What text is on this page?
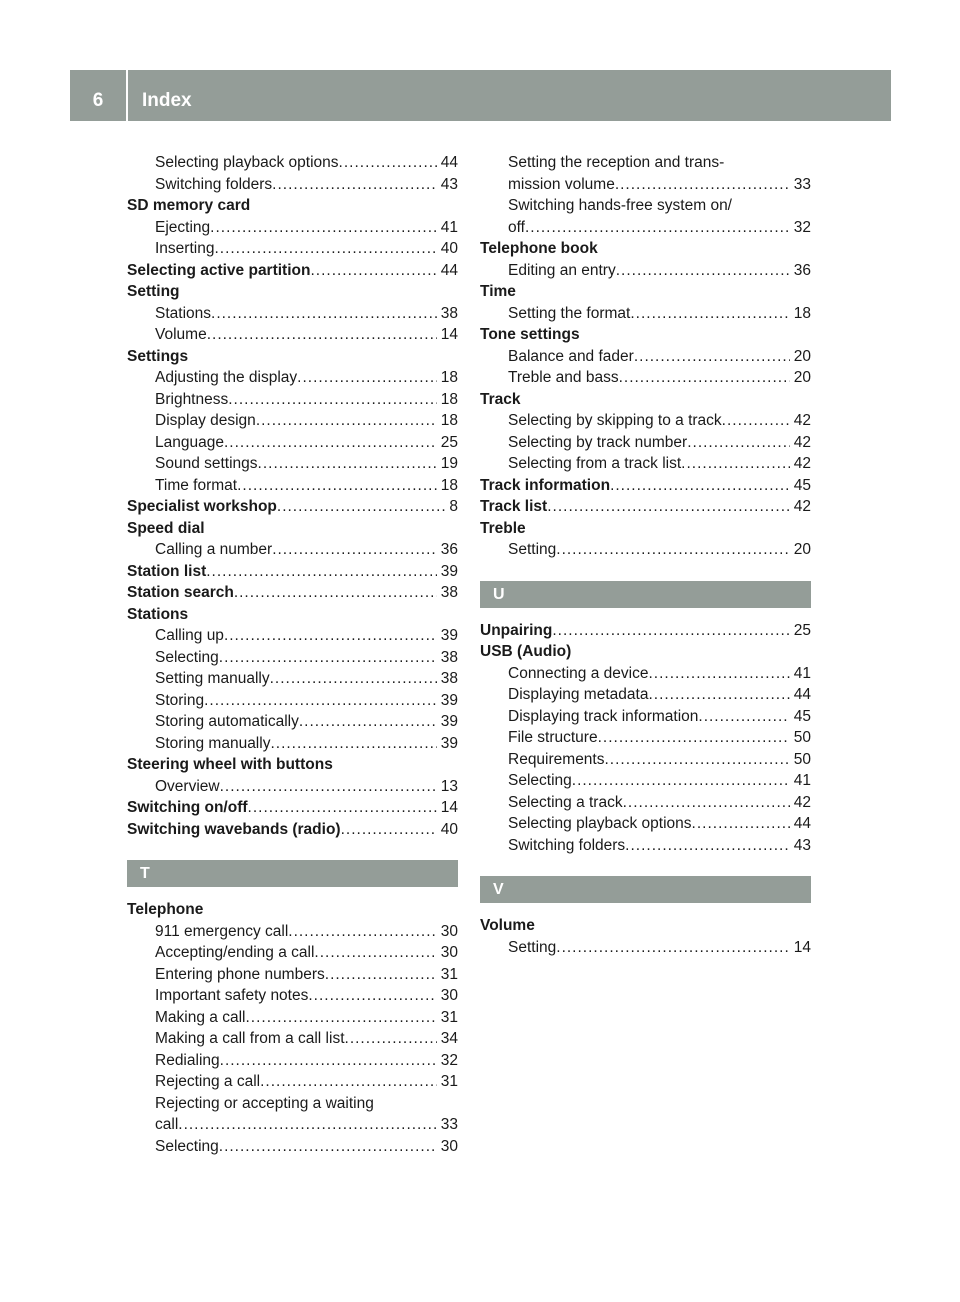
6	Index
Selecting playback options .....	44
Switching folders .....	43
SD memory card
Ejecting .....	41
Inserting .....	40
Selecting active partition .....	44
Setting
Stations .....	38
Volume .....	14
Settings
Adjusting the display .....	18
Brightness .....	18
Display design .....	18
Language .....	25
Sound settings .....	19
Time format .....	18
Specialist workshop .....	8
Speed dial
Calling a number .....	36
Station list .....	39
Station search .....	38
Stations
Calling up .....	39
Selecting .....	38
Setting manually .....	38
Storing .....	39
Storing automatically .....	39
Storing manually .....	39
Steering wheel with buttons
Overview .....	13
Switching on/off .....	14
Switching wavebands (radio) .....	40
T
Telephone
911 emergency call .....	30
Accepting/ending a call .....	30
Entering phone numbers .....	31
Important safety notes .....	30
Making a call .....	31
Making a call from a call list .....	34
Redialing .....	32
Rejecting a call .....	31
Rejecting or accepting a waiting
call .....	33
Selecting .....	30
Setting the reception and trans-
mission volume .....	33
Switching hands-free system on/
off .....	32
Telephone book
Editing an entry .....	36
Time
Setting the format .....	18
Tone settings
Balance and fader .....	20
Treble and bass .....	20
Track
Selecting by skipping to a track .....	42
Selecting by track number .....	42
Selecting from a track list .....	42
Track information .....	45
Track list .....	42
Treble
Setting .....	20
U
Unpairing .....	25
USB (Audio)
Connecting a device .....	41
Displaying metadata .....	44
Displaying track information .....	45
File structure .....	50
Requirements .....	50
Selecting .....	41
Selecting a track .....	42
Selecting playback options .....	44
Switching folders .....	43
V
Volume
Setting .....	14
